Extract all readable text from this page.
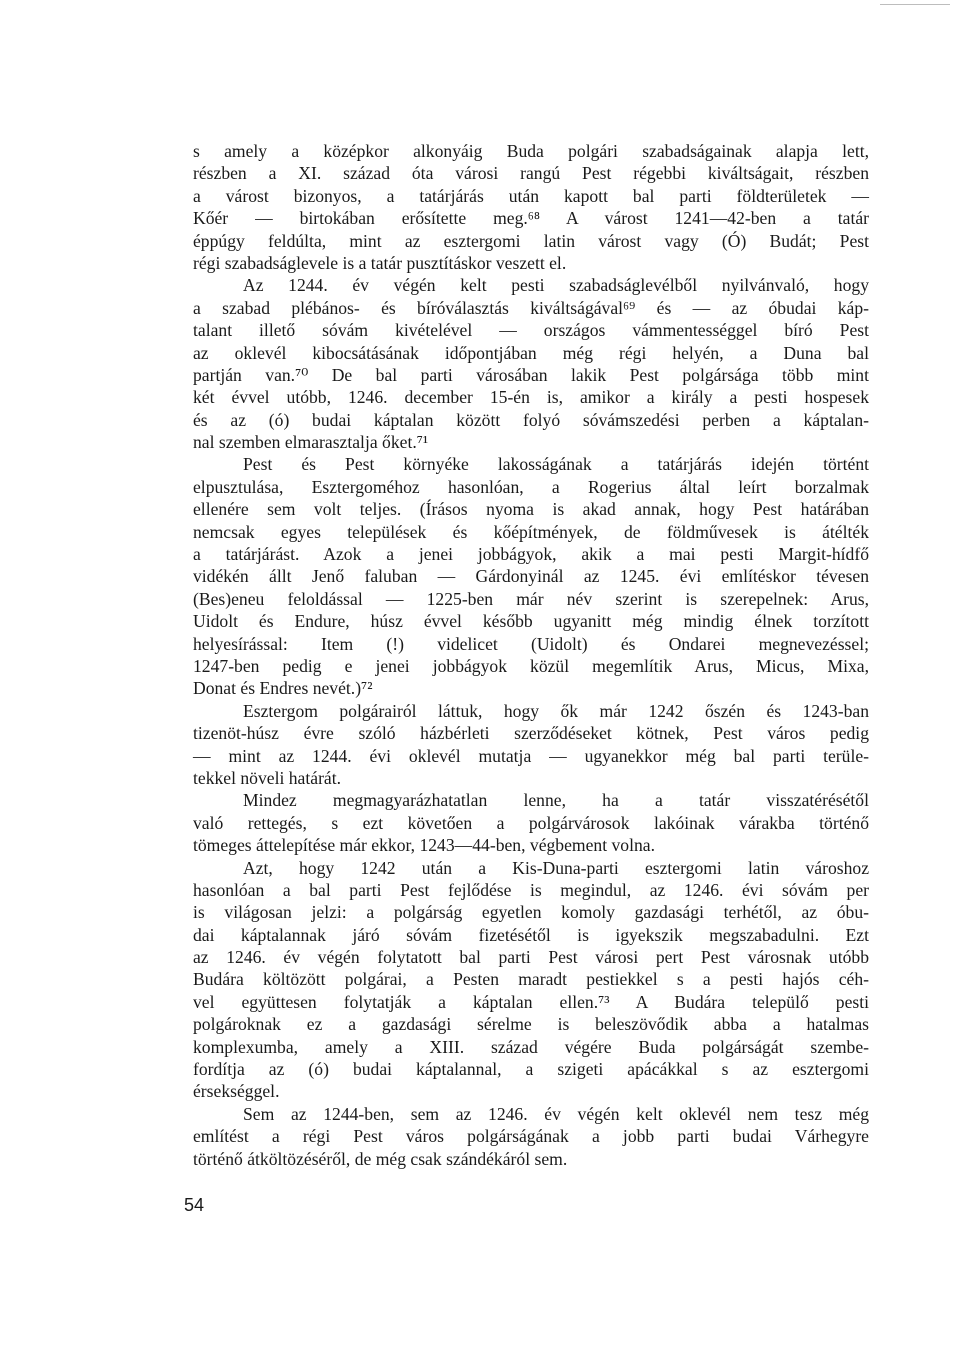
s amely a középkor alkonyáig Buda polgári szabadságainak alapja lett,
részben a XI. század óta városi rangú Pest régebbi kiváltságait, részben
a várost bizonyos, a tatárjárás után kapott bal parti földterületek —
Kőér — birtokában erősítette meg.⁶⁸ A várost 1241—42-ben a tatár
éppúgy feldúlta, mint az esztergomi latin várost vagy (Ó) Budát; Pest
régi szabadságlevele is a tatár pusztításkor veszett el.
Az 1244. év végén kelt pesti szabadságlevélből nyilvánvaló, hogy
a szabad plébános- és bíróválasztás kiváltságával⁶⁹ és — az óbudai káp-
talant illető sóvám kivételével — országos vámmentességgel bíró Pest
az oklevél kibocsátásának időpontjában még régi helyén, a Duna bal
partján van.⁷⁰ De bal parti városában lakik Pest polgársága több mint
két évvel utóbb, 1246. december 15-én is, amikor a király a pesti hospesek
és az (ó) budai káptalan között folyó sóvámszedési perben a káptalan-
nal szemben elmarasztalja őket.⁷¹
Pest és Pest környéke lakosságának a tatárjárás idején történt
elpusztulása, Esztergoméhoz hasonlóan, a Rogerius által leírt borzalmak
ellenére sem volt teljes. (Írásos nyoma is akad annak, hogy Pest határában
nemcsak egyes települések és kőépítmények, de földművesek is átélték
a tatárjárást. Azok a jenei jobbágyok, akik a mai pesti Margit-hídfő
vidékén állt Jenő faluban — Gárdonyinál az 1245. évi említéskor tévesen
(Bes)eneu feloldással — 1225-ben már név szerint is szerepelnek: Arus,
Uidolt és Endure, húsz évvel később ugyanitt még mindig élnek torzított
helyesírással: Item (!) videlicet (Uidolt) és Ondarei megnevezéssel;
1247-ben pedig e jenei jobbágyok közül megemlítik Arus, Micus, Mixa,
Donat és Endres nevét.)⁷²
Esztergom polgárairól láttuk, hogy ők már 1242 őszén és 1243-ban
tizenöt-húsz évre szóló házbérleti szerződéseket kötnek, Pest város pedig
— mint az 1244. évi oklevél mutatja — ugyanekkor még bal parti terüle-
tekkel növeli határát.
Mindez megmagyarázhatatlan lenne, ha a tatár visszatérésétől
való rettegés, s ezt követően a polgárvárosok lakóinak várakba történő
tömeges áttelepítése már ekkor, 1243—44-ben, végbement volna.
Azt, hogy 1242 után a Kis-Duna-parti esztergomi latin városhoz
hasonlóan a bal parti Pest fejlődése is megindul, az 1246. évi sóvám per
is világosan jelzi: a polgárság egyetlen komoly gazdasági terhétől, az óbu-
dai káptalannak járó sóvám fizetésétől is igyekszik megszabadulni. Ezt
az 1246. év végén folytatott bal parti Pest városi pert Pest városnak utóbb
Budára költözött polgárai, a Pesten maradt pestiekkel s a pesti hajós céh-
vel együttesen folytatják a káptalan ellen.⁷³ A Budára települő pesti
polgároknak ez a gazdasági sérelme is beleszövődik abba a hatalmas
komplexumba, amely a XIII. század végére Buda polgárságát szembe-
fordítja az (ó) budai káptalannal, a szigeti apácákkal s az esztergomi
érsekséggel.
Sem az 1244-ben, sem az 1246. év végén kelt oklevél nem tesz még
említést a régi Pest város polgárságának a jobb parti budai Várhegyre
történő átköltözéséről, de még csak szándékáról sem.
54
